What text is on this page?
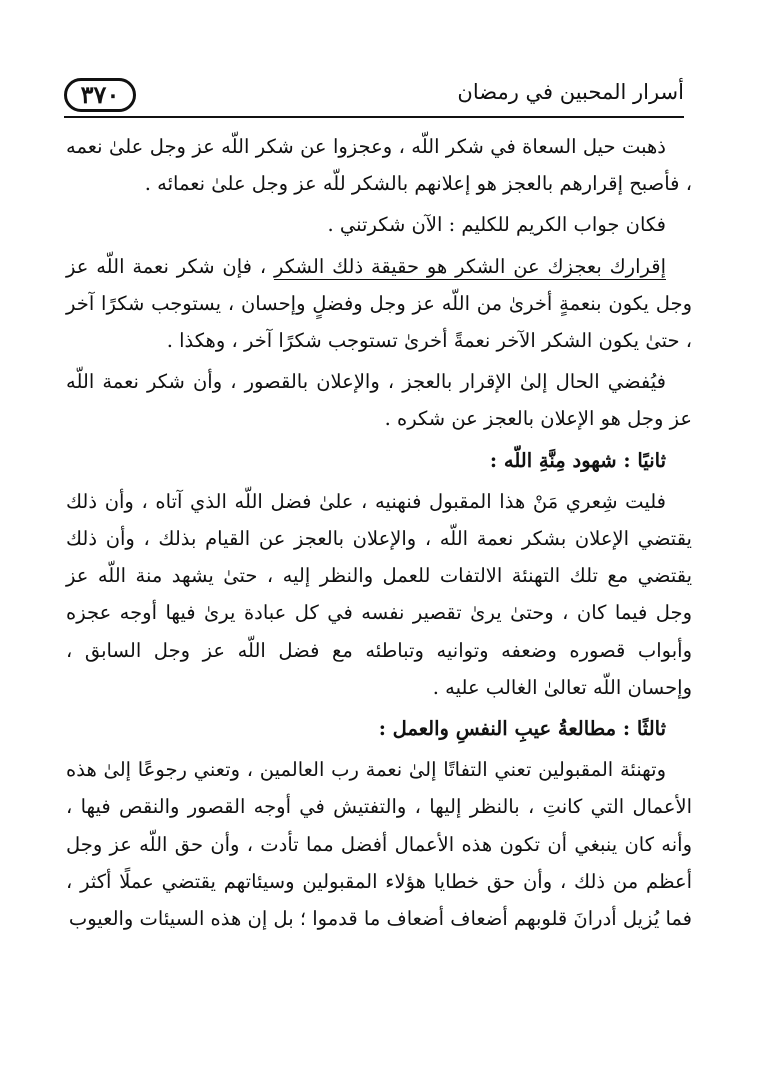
٣٧٠	أسرار المحبين في رمضان

ذهبت حيل السعاة في شكر اللّه ، وعجزوا عن شكر اللّه عز وجل علىٰ نعمه ، فأصبح إقرارهم بالعجز هو إعلانهم بالشكر للّه عز وجل علىٰ نعمائه .

فكان جواب الكريم للكليم : الآن شكرتني .

إقرارك بعجزك عن الشكر هو حقيقة ذلك الشكر ، فإن شكر نعمة اللّه عز وجل يكون بنعمةٍ أخرىٰ من اللّه عز وجل وفضلٍ وإحسان ، يستوجب شكرًا آخر ، حتىٰ يكون الشكر الآخر نعمةً أخرىٰ تستوجب شكرًا آخر ، وهكذا .

فيُفضي الحال إلىٰ الإقرار بالعجز ، والإعلان بالقصور ، وأن شكر نعمة اللّه عز وجل هو الإعلان بالعجز عن شكره .

ثانيًا : شهود مِنَّةِ اللّه :

فليت شِعري مَنْ هذا المقبول فنهنيه ، علىٰ فضل اللّه الذي آتاه ، وأن ذلك يقتضي الإعلان بشكر نعمة اللّه ، والإعلان بالعجز عن القيام بذلك ، وأن ذلك يقتضي مع تلك التهنئة الالتفات للعمل والنظر إليه ، حتىٰ يشهد منة اللّه عز وجل فيما كان ، وحتىٰ يرىٰ تقصير نفسه في كل عبادة يرىٰ فيها أوجه عجزه وأبواب قصوره وضعفه وتوانيه وتباطئه مع فضل اللّه عز وجل السابق ، وإحسان اللّه تعالىٰ الغالب عليه .

ثالثًا : مطالعةُ عيبِ النفسِ والعمل :

وتهنئة المقبولين تعني التفاتًا إلىٰ نعمة رب العالمين ، وتعني رجوعًا إلىٰ هذه الأعمال التي كانتِ ، بالنظر إليها ، والتفتيش في أوجه القصور والنقص فيها ، وأنه كان ينبغي أن تكون هذه الأعمال أفضل مما تأدت ، وأن حق اللّه عز وجل أعظم من ذلك ، وأن حق خطايا هؤلاء المقبولين وسيئاتهم يقتضي عملًا أكثر ، فما يُزيل أدرانَ قلوبهم أضعاف أضعاف ما قدموا ؛ بل إن هذه السيئات والعيوب
